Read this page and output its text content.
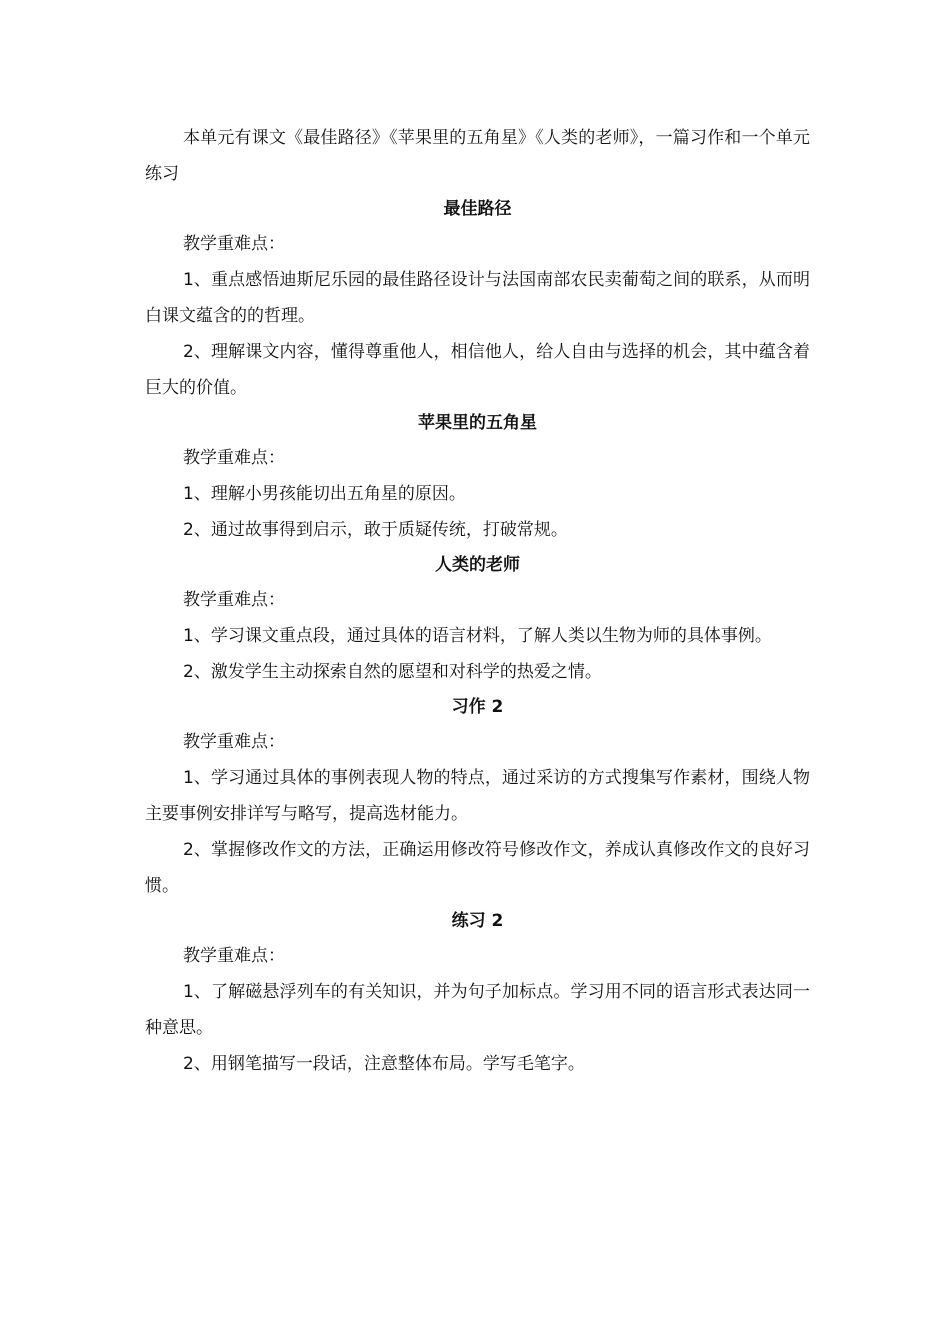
本单元有课文《最佳路径》《苹果里的五角星》《人类的老师》，一篇习作和一个单元练习

最佳路径

教学重难点：

1、重点感悟迪斯尼乐园的最佳路径设计与法国南部农民卖葡萄之间的联系，从而明白课文蕴含的的哲理。

2、理解课文内容，懂得尊重他人，相信他人，给人自由与选择的机会，其中蕴含着巨大的价值。

苹果里的五角星

教学重难点：

1、理解小男孩能切出五角星的原因。

2、通过故事得到启示，敢于质疑传统，打破常规。

人类的老师

教学重难点：

1、学习课文重点段，通过具体的语言材料，了解人类以生物为师的具体事例。

2、激发学生主动探索自然的愿望和对科学的热爱之情。

习作 2

教学重难点：

1、学习通过具体的事例表现人物的特点，通过采访的方式搜集写作素材，围绕人物主要事例安排详写与略写，提高选材能力。

2、掌握修改作文的方法，正确运用修改符号修改作文，养成认真修改作文的良好习惯。

练习 2

教学重难点：

1、了解磁悬浮列车的有关知识，并为句子加标点。学习用不同的语言形式表达同一种意思。

2、用钢笔描写一段话，注意整体布局。学写毛笔字。
